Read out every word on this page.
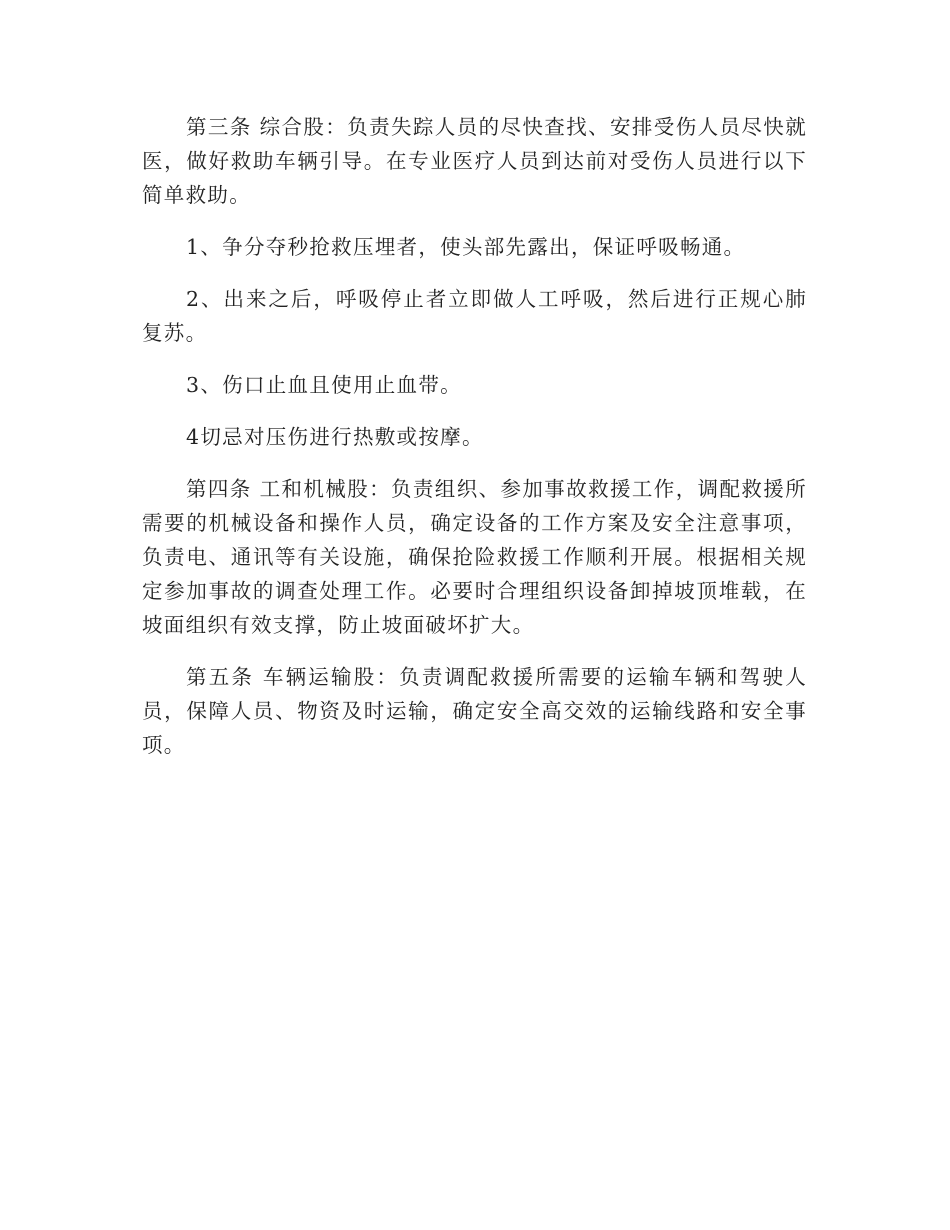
第三条 综合股：负责失踪人员的尽快查找、安排受伤人员尽快就医，做好救助车辆引导。在专业医疗人员到达前对受伤人员进行以下简单救助。

1、争分夺秒抢救压埋者，使头部先露出，保证呼吸畅通。

2、出来之后，呼吸停止者立即做人工呼吸，然后进行正规心肺复苏。

3、伤口止血且使用止血带。

4切忌对压伤进行热敷或按摩。

第四条 工和机械股：负责组织、参加事故救援工作，调配救援所需要的机械设备和操作人员，确定设备的工作方案及安全注意事项，负责电、通讯等有关设施，确保抢险救援工作顺利开展。根据相关规定参加事故的调查处理工作。必要时合理组织设备卸掉坡顶堆载，在坡面组织有效支撑，防止坡面破坏扩大。

第五条 车辆运输股：负责调配救援所需要的运输车辆和驾驶人员，保障人员、物资及时运输，确定安全高交效的运输线路和安全事项。
